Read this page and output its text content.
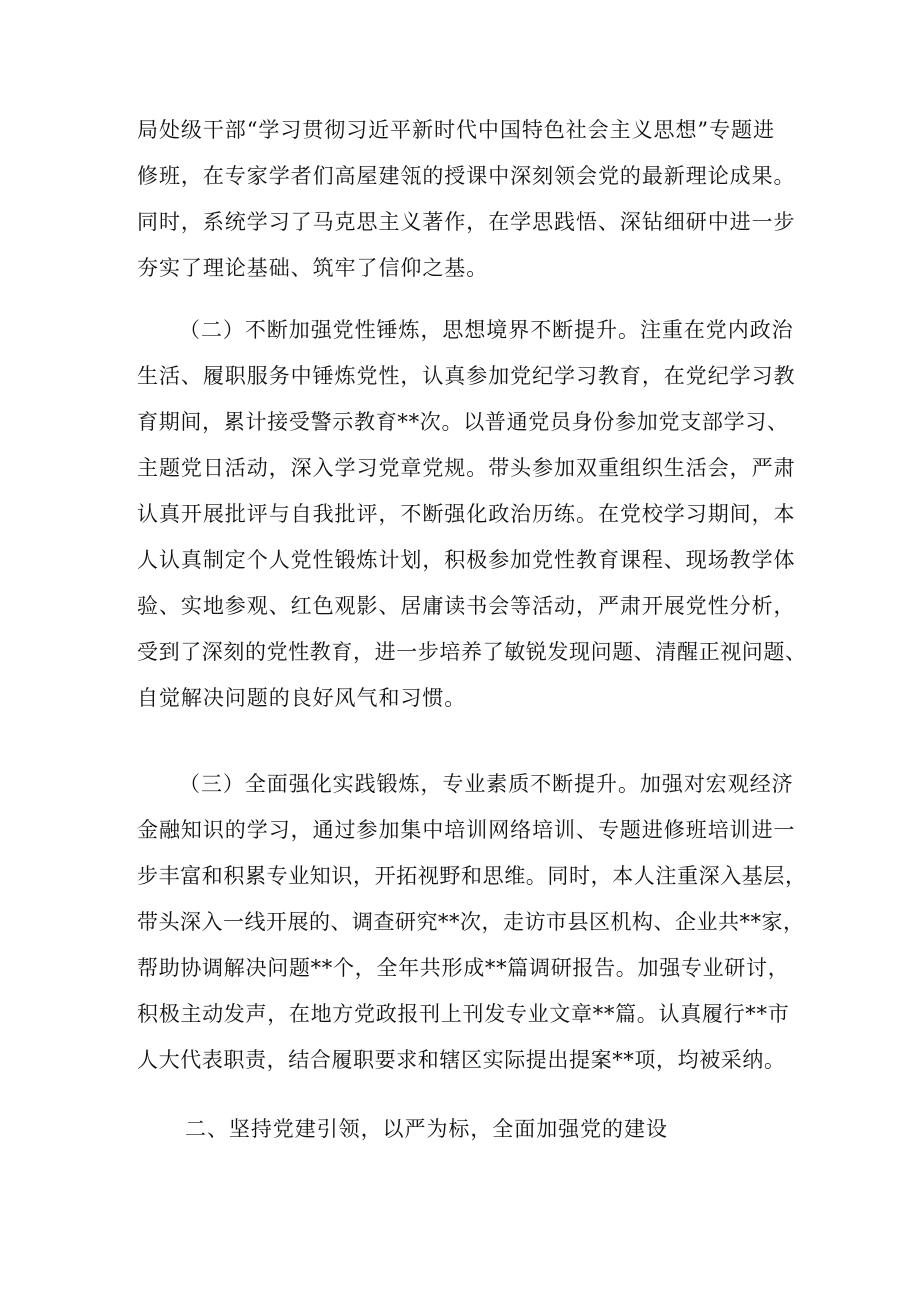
局处级干部“学习贯彻习近平新时代中国特色社会主义思想”专题进
修班，在专家学者们高屋建瓴的授课中深刻领会党的最新理论成果。
同时，系统学习了马克思主义著作，在学思践悟、深钻细研中进一步
夯实了理论基础、筑牢了信仰之基。
（二）不断加强党性锤炼，思想境界不断提升。注重在党内政治
生活、履职服务中锤炼党性，认真参加党纪学习教育，在党纪学习教
育期间，累计接受警示教育**次。以普通党员身份参加党支部学习、
主题党日活动，深入学习党章党规。带头参加双重组织生活会，严肃
认真开展批评与自我批评，不断强化政治历练。在党校学习期间，本
人认真制定个人党性锻炼计划，积极参加党性教育课程、现场教学体
验、实地参观、红色观影、居庸读书会等活动，严肃开展党性分析，
受到了深刻的党性教育，进一步培养了敏锐发现问题、清醒正视问题、
自觉解决问题的良好风气和习惯。
（三）全面强化实践锻炼，专业素质不断提升。加强对宏观经济
金融知识的学习，通过参加集中培训网络培训、专题进修班培训进一
步丰富和积累专业知识，开拓视野和思维。同时，本人注重深入基层，
带头深入一线开展的、调查研究**次，走访市县区机构、企业共**家，
帮助协调解决问题**个，全年共形成**篇调研报告。加强专业研讨，
积极主动发声，在地方党政报刊上刊发专业文章**篇。认真履行**市
人大代表职责，结合履职要求和辖区实际提出提案**项，均被采纳。
二、坚持党建引领，以严为标，全面加强党的建设
